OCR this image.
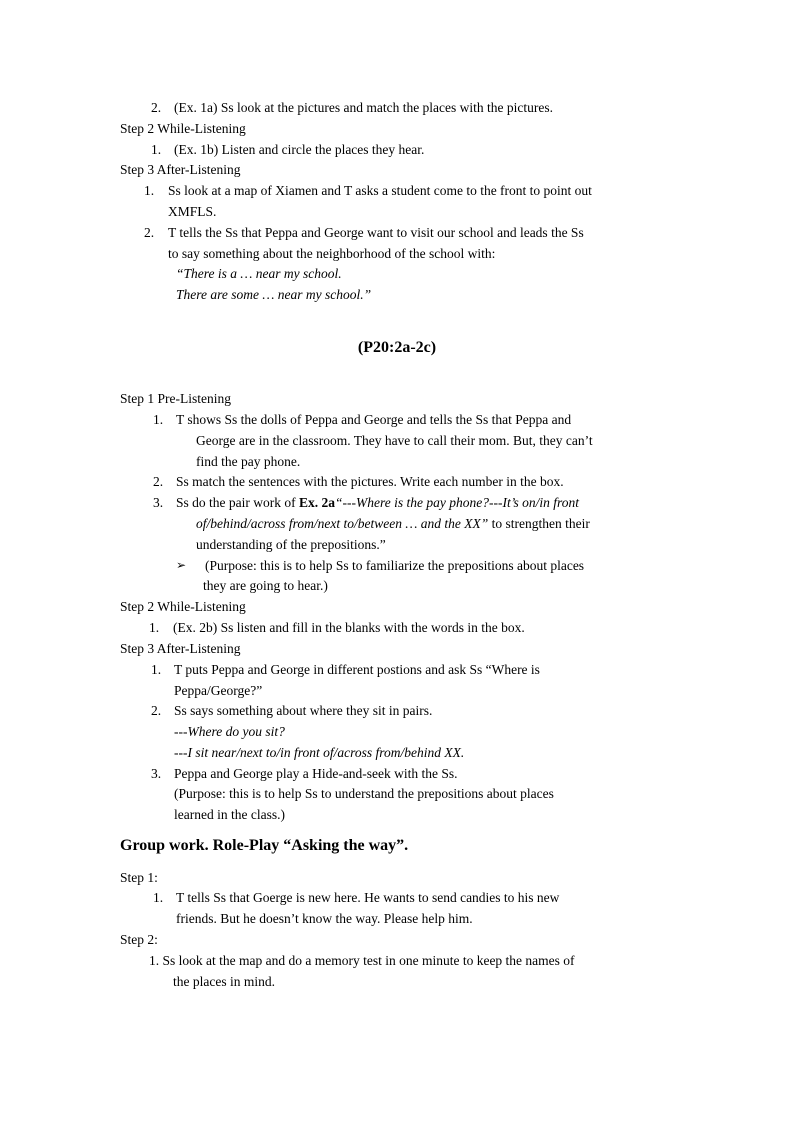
2. (Ex. 1a) Ss look at the pictures and match the places with the pictures.
Step 2 While-Listening
1. (Ex. 1b) Listen and circle the places they hear.
Step 3 After-Listening
1. Ss look at a map of Xiamen and T asks a student come to the front to point out
XMFLS.
2. T tells the Ss that Peppa and George want to visit our school and leads the Ss
to say something about the neighborhood of the school with:
“There is a … near my school.
There are some … near my school.”
(P20:2a-2c)
Step 1 Pre-Listening
1. T shows Ss the dolls of Peppa and George and tells the Ss that Peppa and
George are in the classroom. They have to call their mom. But, they can’t
find the pay phone.
2. Ss match the sentences with the pictures. Write each number in the box.
3. Ss do the pair work of Ex. 2a“---Where is the pay phone?---It’s on/in front
of/behind/across from/next to/between … and the XX” to strengthen their
understanding of the prepositions.”
➢ (Purpose: this is to help Ss to familiarize the prepositions about places
they are going to hear.)
Step 2 While-Listening
1. (Ex. 2b) Ss listen and fill in the blanks with the words in the box.
Step 3 After-Listening
1. T puts Peppa and George in different postions and ask Ss “Where is
Peppa/George?”
2. Ss says something about where they sit in pairs.
---Where do you sit?
---I sit near/next to/in front of/across from/behind XX.
3. Peppa and George play a Hide-and-seek with the Ss.
(Purpose: this is to help Ss to understand the prepositions about places
learned in the class.)
Group work. Role-Play “Asking the way”.
Step 1:
1. T tells Ss that Goerge is new here. He wants to send candies to his new
friends. But he doesn’t know the way. Please help him.
Step 2:
1. Ss look at the map and do a memory test in one minute to keep the names of
the places in mind.
